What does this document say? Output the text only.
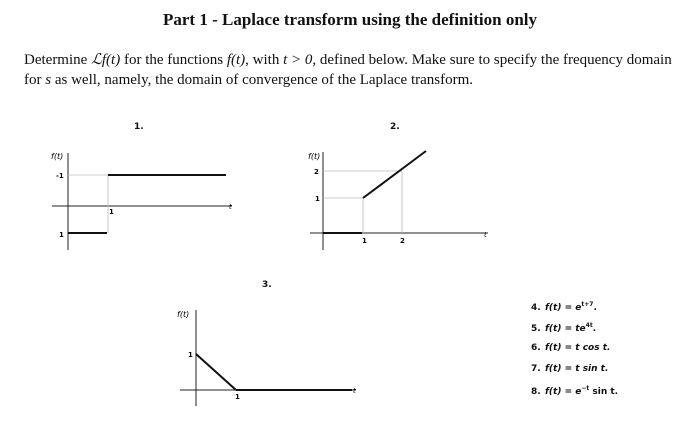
Part 1 - Laplace transform using the definition only
Determine ℒf(t) for the functions f(t), with t > 0, defined below. Make sure to specify the frequency domain for s as well, namely, the domain of convergence of the Laplace transform.
1.	2.
3.
f(t)
-1
1
1
t
f(t)
2
1
1	2
t
f(t)
1
1
t
4. $f(t) = e^{t+7}$.
5. $f(t) = te^{4t}$.
6. f(t) = t cos t.
7. f(t) = t sin t.
8. $f(t) = e^{-t}$ sin t.
